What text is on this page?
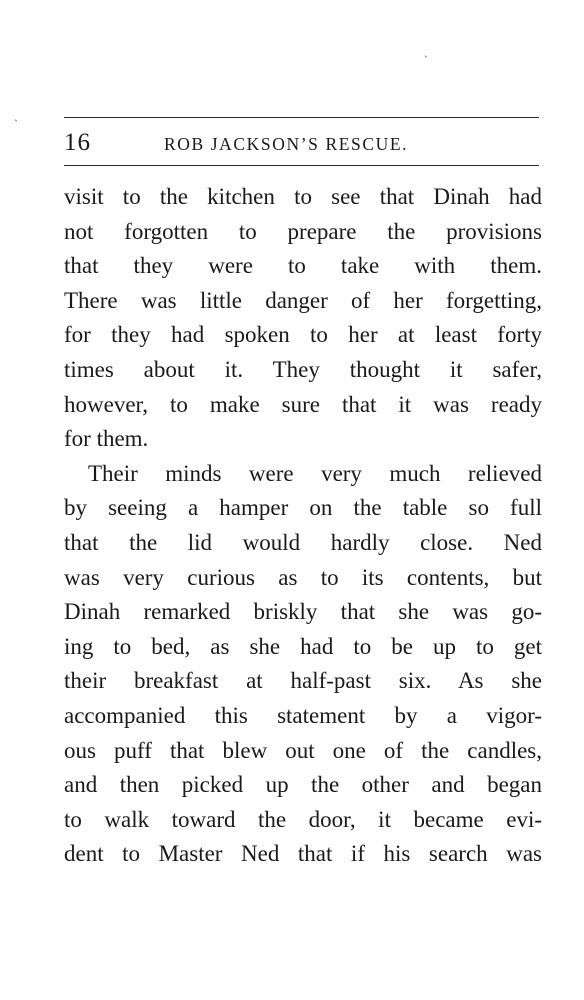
16	ROB JACKSON’S RESCUE.
visit to the kitchen to see that Dinah had
not forgotten to prepare the provisions
that they were to take with them.
There was little danger of her forgetting,
for they had spoken to her at least forty
times about it. They thought it safer,
however, to make sure that it was ready
for them.
Their minds were very much relieved
by seeing a hamper on the table so full
that the lid would hardly close. Ned
was very curious as to its contents, but
Dinah remarked briskly that she was go-
ing to bed, as she had to be up to get
their breakfast at half-past six. As she
accompanied this statement by a vigor-
ous puff that blew out one of the candles,
and then picked up the other and began
to walk toward the door, it became evi-
dent to Master Ned that if his search was
ˎ
ˏ
